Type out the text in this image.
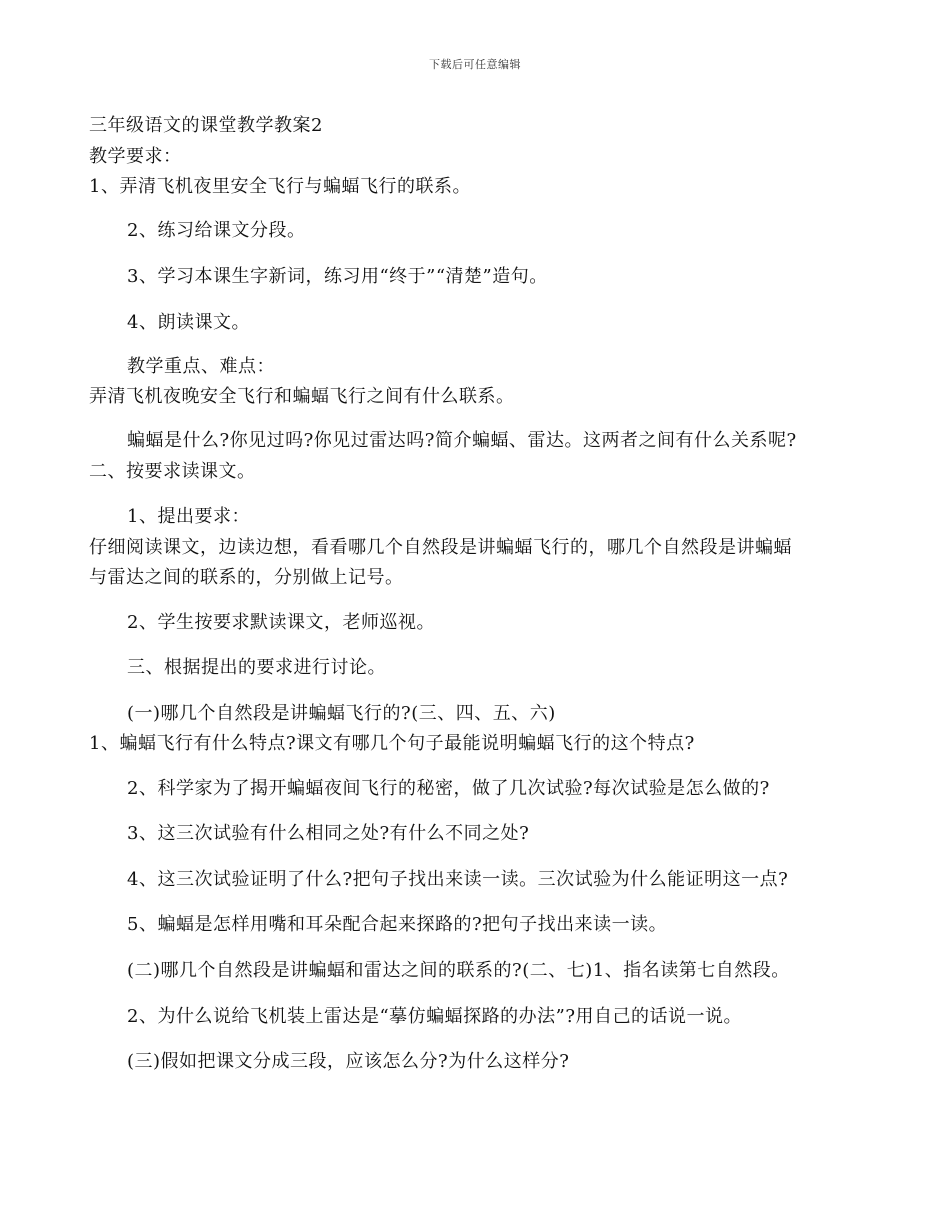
下载后可任意编辑
三年级语文的课堂教学教案2
教学要求：
1、弄清飞机夜里安全飞行与蝙蝠飞行的联系。
2、练习给课文分段。
3、学习本课生字新词，练习用“终于”“清楚”造句。
4、朗读课文。
教学重点、难点：
弄清飞机夜晚安全飞行和蝙蝠飞行之间有什么联系。
蝙蝠是什么?你见过吗?你见过雷达吗?简介蝙蝠、雷达。这两者之间有什么关系呢?
二、按要求读课文。
1、提出要求：
仔细阅读课文，边读边想，看看哪几个自然段是讲蝙蝠飞行的，哪几个自然段是讲蝙蝠
与雷达之间的联系的，分别做上记号。
2、学生按要求默读课文，老师巡视。
三、根据提出的要求进行讨论。
(一)哪几个自然段是讲蝙蝠飞行的?(三、四、五、六)
1、蝙蝠飞行有什么特点?课文有哪几个句子最能说明蝙蝠飞行的这个特点?
2、科学家为了揭开蝙蝠夜间飞行的秘密，做了几次试验?每次试验是怎么做的?
3、这三次试验有什么相同之处?有什么不同之处?
4、这三次试验证明了什么?把句子找出来读一读。三次试验为什么能证明这一点?
5、蝙蝠是怎样用嘴和耳朵配合起来探路的?把句子找出来读一读。
(二)哪几个自然段是讲蝙蝠和雷达之间的联系的?(二、七)1、指名读第七自然段。
2、为什么说给飞机装上雷达是“摹仿蝙蝠探路的办法”?用自己的话说一说。
(三)假如把课文分成三段，应该怎么分?为什么这样分?
